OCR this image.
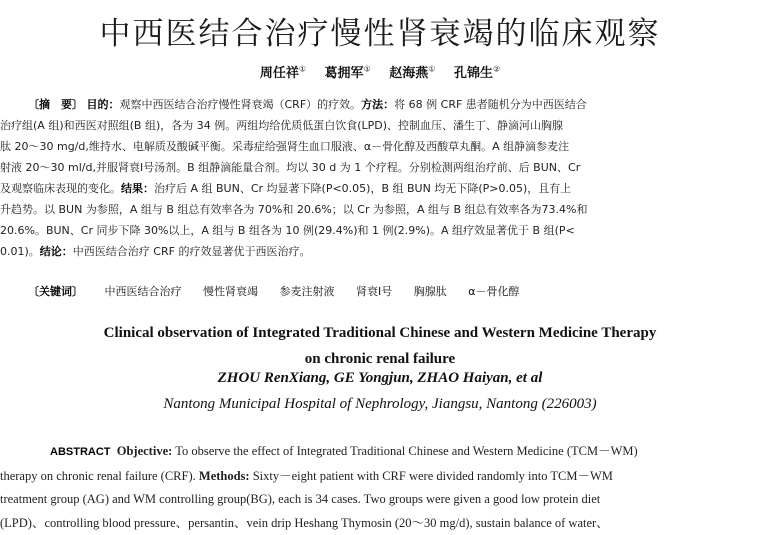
中西医结合治疗慢性肾衰竭的临床观察
周任祥① 葛拥军① 赵海燕① 孔锦生②
〔摘　要〕 目的：观察中西医结合治疗慢性肾衰竭（CRF）的疗效。方法：将 68 例 CRF 患者随机分为中西医结合
治疗组(A 组)和西医对照组(B 组)，各为 34 例。两组均给优质低蛋白饮食(LPD)、控制血压、潘生丁、静滴河山胸腺
肽 20～30 mg/d,维持水、电解质及酸碱平衡。采毒症给强肾生血口服液、α－骨化醇及西酸草丸酮。A 组静滴参麦注
射液 20～30 ml/d,并服肾衰Ⅰ号汤剂。B 组静滴能量合剂。均以 30 d 为 1 个疗程。分别检测两组治疗前、后 BUN、Cr
及观察临床表现的变化。结果：治疗后 A 组 BUN、Cr 均显著下降(P<0.05)，B 组 BUN 均无下降(P>0.05)，且有上
升趋势。以 BUN 为参照，A 组与 B 组总有效率各为 70%和 20.6%；以 Cr 为参照，A 组与 B 组总有效率各为73.4%和
20.6%。BUN、Cr 同步下降 30%以上，A 组与 B 组各为 10 例(29.4%)和 1 例(2.9%)。A 组疗效显著优于 B 组(P<
0.01)。结论：中西医结合治疗 CRF 的疗效显著优于西医治疗。
〔关键词〕 中西医结合治疗 慢性肾衰竭 参麦注射液 肾衰Ⅰ号 胸腺肽 α－骨化醇
Clinical observation of Integrated Traditional Chinese and Western Medicine Therapy
on chronic renal failure
ZHOU RenXiang, GE Yongjun, ZHAO Haiyan, et al
Nantong Municipal Hospital of Nephrology, Jiangsu, Nantong (226003)
ABSTRACT Objective: To observe the effect of Integrated Traditional Chinese and Western Medicine (TCM－WM)
therapy on chronic renal failure (CRF). Methods: Sixty－eight patient with CRF were divided randomly into TCM－WM
treatment group (AG) and WM controlling group(BG), each is 34 cases. Two groups were given a good low protein diet
(LPD)、controlling blood pressure、persantin、vein drip Heshang Thymosin (20～30 mg/d), sustain balance of water、
